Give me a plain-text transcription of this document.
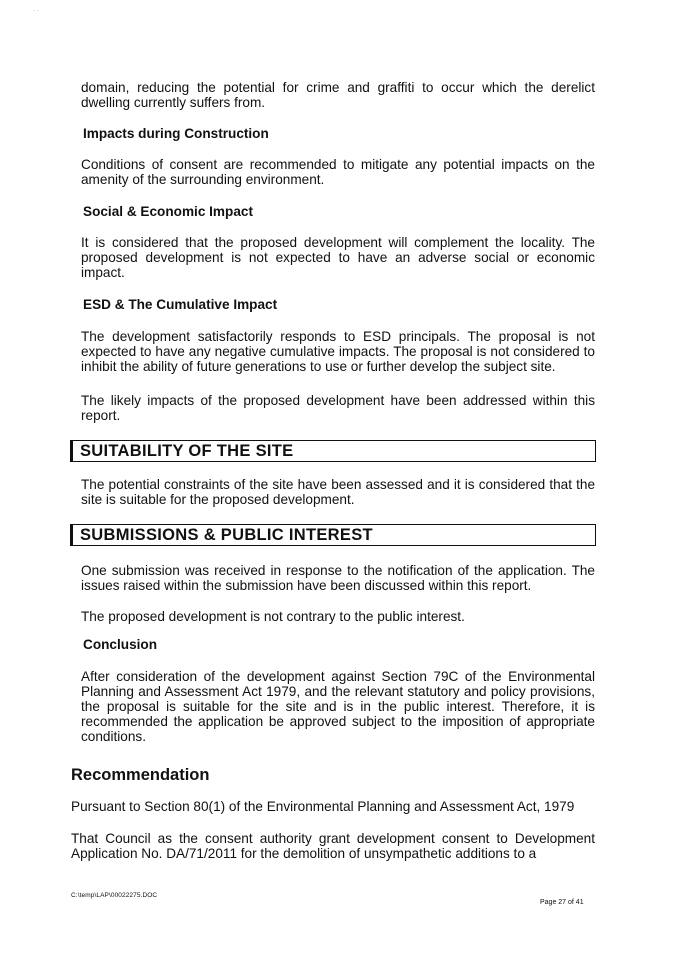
· ·

domain, reducing the potential for crime and graffiti to occur which the derelict dwelling currently suffers from.

Impacts during Construction

Conditions of consent are recommended to mitigate any potential impacts on the amenity of the surrounding environment.

Social & Economic Impact

It is considered that the proposed development will complement the locality. The proposed development is not expected to have an adverse social or economic impact.

ESD & The Cumulative Impact

The development satisfactorily responds to ESD principals. The proposal is not expected to have any negative cumulative impacts. The proposal is not considered to inhibit the ability of future generations to use or further develop the subject site.

The likely impacts of the proposed development have been addressed within this report.

SUITABILITY OF THE SITE

The potential constraints of the site have been assessed and it is considered that the site is suitable for the proposed development.

SUBMISSIONS & PUBLIC INTEREST

One submission was received in response to the notification of the application. The issues raised within the submission have been discussed within this report.

The proposed development is not contrary to the public interest.

Conclusion

After consideration of the development against Section 79C of the Environmental Planning and Assessment Act 1979, and the relevant statutory and policy provisions, the proposal is suitable for the site and is in the public interest. Therefore, it is recommended the application be approved subject to the imposition of appropriate conditions.

Recommendation

Pursuant to Section 80(1) of the Environmental Planning and Assessment Act, 1979

That Council as the consent authority grant development consent to Development Application No. DA/71/2011 for the demolition of unsympathetic additions to a

C:\temp\LAP\00022275.DOC
Page 27 of 41
